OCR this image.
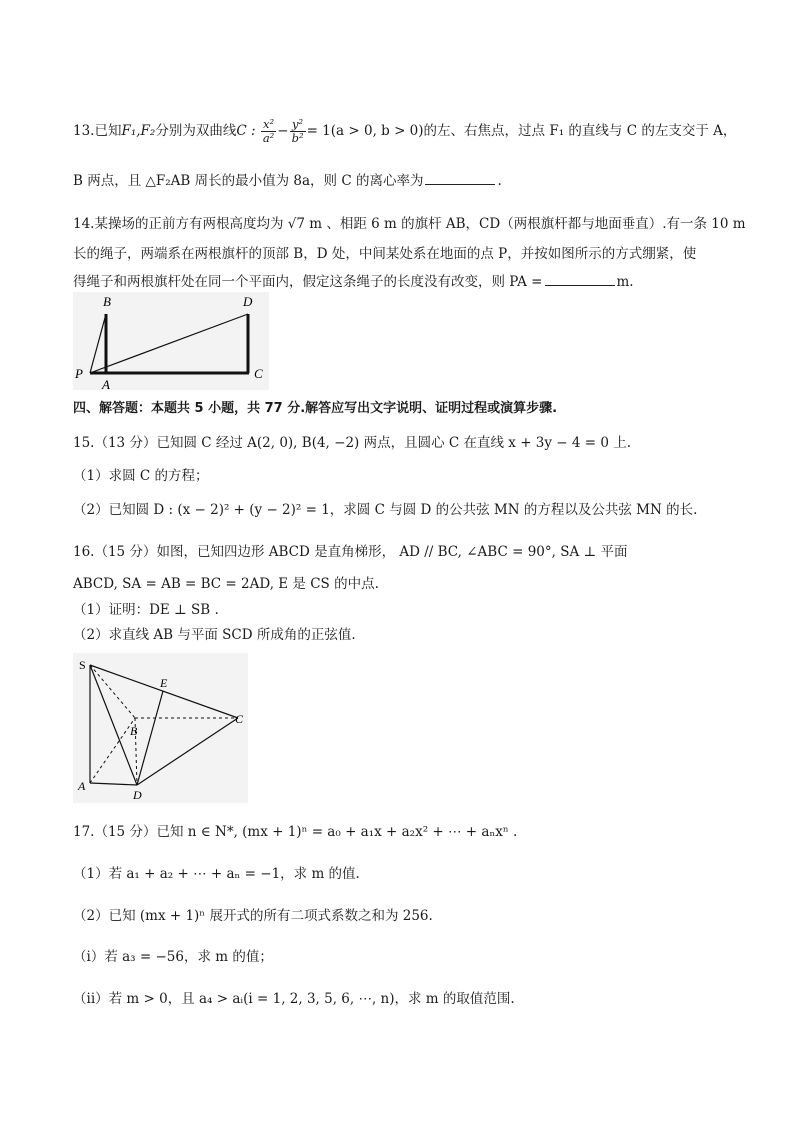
13.已知F₁,F₂分别为双曲线C : $\frac{\text{x²}}{\text{a²}} - \frac{\text{y²}}{\text{b²}} = 1(a > 0$, b > 0)的左、右焦点，过点 F₁ 的直线与 C 的左支交于 A，
B 两点，且 △F₂AB 周长的最小值为 8a，则 C 的离心率为	.
14.某操场的正前方有两根高度均为 √7 m 、相距 6 m 的旗杆 AB，CD（两根旗杆都与地面垂直）.有一条 10 m
长的绳子，两端系在两根旗杆的顶部 B，D 处，中间某处系在地面的点 P，并按如图所示的方式绷紧，使
得绳子和两根旗杆处在同一个平面内，假定这条绳子的长度没有改变，则 PA =	m.
B	D
P
A
C
四、解答题：本题共 5 小题，共 77 分.解答应写出文字说明、证明过程或演算步骤.
15.（13 分）已知圆 C 经过 A(2, 0), B(4, −2) 两点，且圆心 C 在直线 x + 3y − 4 = 0 上.
（1）求圆 C 的方程；
（2）已知圆 D : (x − 2)² + (y − 2)² = 1，求圆 C 与圆 D 的公共弦 MN 的方程以及公共弦 MN 的长.
16.（15 分）如图，已知四边形 ABCD 是直角梯形， AD // BC, ∠ABC = 90°, SA ⊥ 平面
ABCD, SA = AB = BC = 2AD, E 是 CS 的中点.
（1）证明：DE ⊥ SB .
（2）求直线 AB 与平面 SCD 所成角的正弦值.
S
E
B
C
A
D
17.（15 分）已知 n ∈ N*, (mx + 1)ⁿ = a₀ + a₁x + a₂x² + ⋯ + aₙxⁿ .
（1）若 a₁ + a₂ + ⋯ + aₙ = −1，求 m 的值.
（2）已知 (mx + 1)ⁿ 展开式的所有二项式系数之和为 256.
（i）若 a₃ = −56，求 m 的值；
（ii）若 m > 0，且 a₄ > aᵢ(i = 1, 2, 3, 5, 6, ⋯, n)，求 m 的取值范围.
